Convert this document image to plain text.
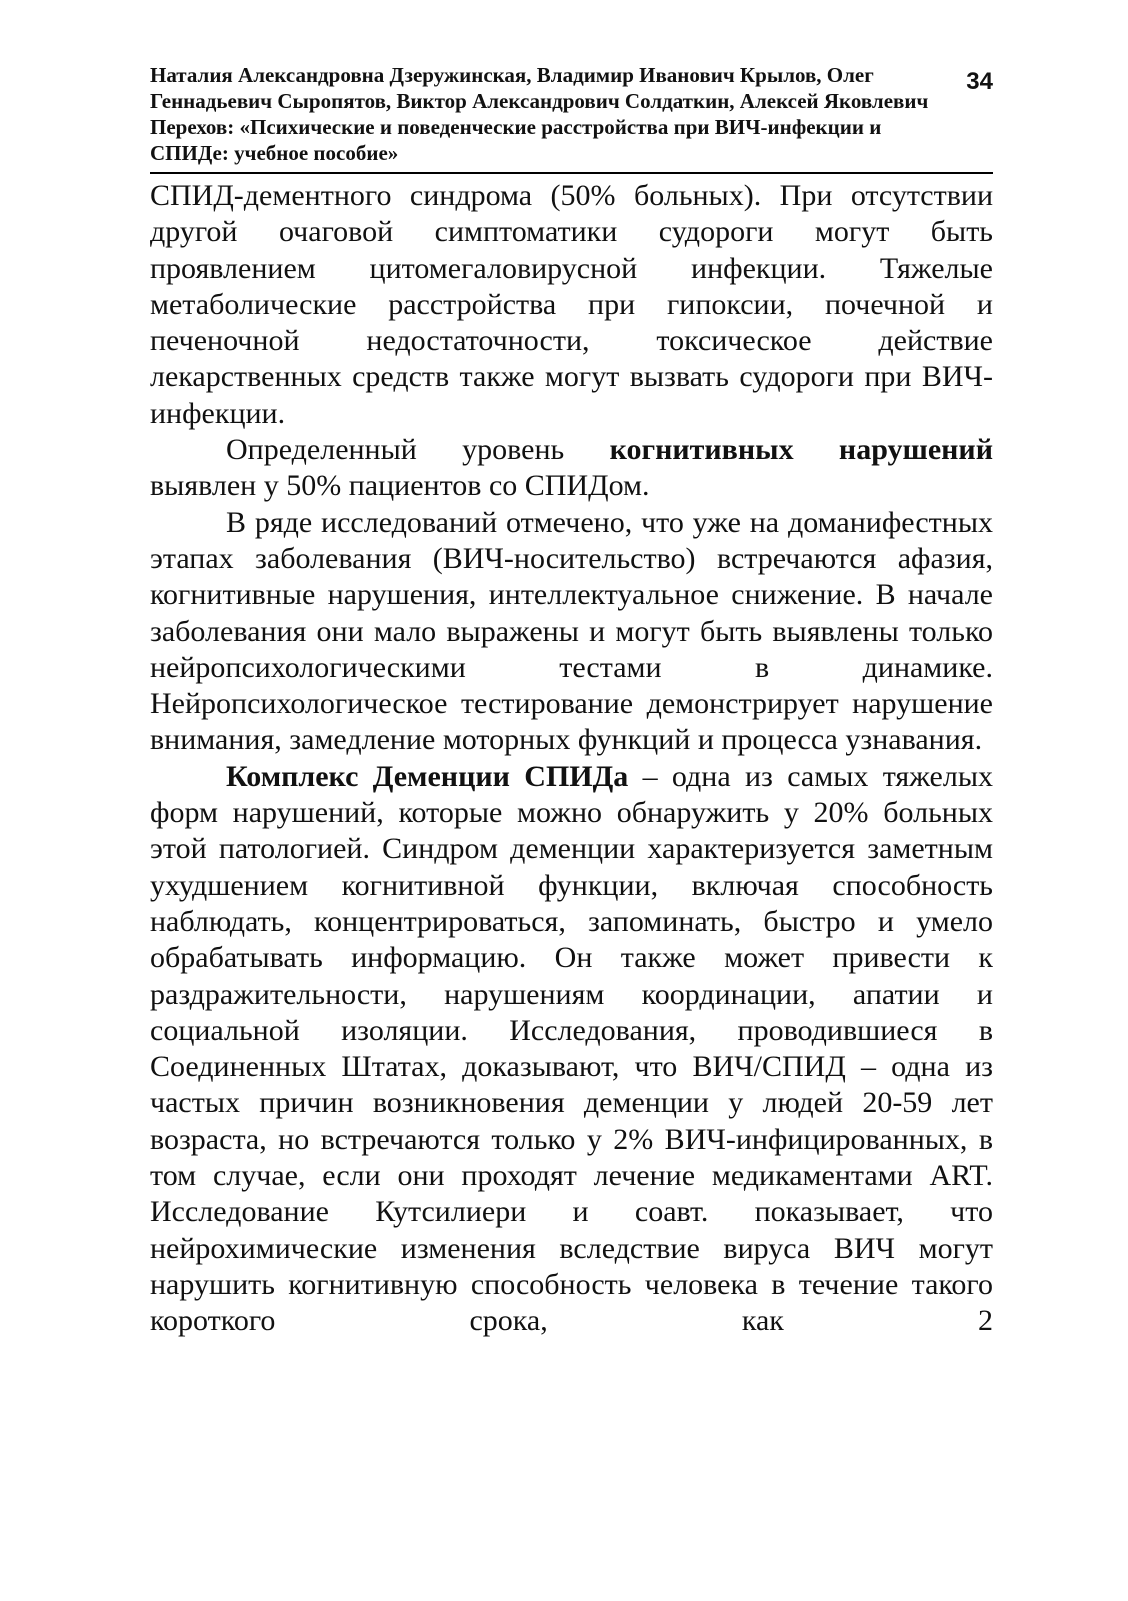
Наталия Александровна Дзеружинская, Владимир Иванович Крылов, Олег Геннадьевич Сыропятов, Виктор Александрович Солдаткин, Алексей Яковлевич Перехов: «Психические и поведенческие расстройства при ВИЧ-инфекции и СПИДе: учебное пособие»
34

СПИД-дементного синдрома (50% больных). При отсутствии другой очаговой симптоматики судороги могут быть проявлением цитомегаловирусной инфекции. Тяжелые метаболические расстройства при гипоксии, почечной и печеночной недостаточности, токсическое действие лекарственных средств также могут вызвать судороги при ВИЧ-инфекции.

Определенный уровень когнитивных нарушений выявлен у 50% пациентов со СПИДом.

В ряде исследований отмечено, что уже на доманифестных этапах заболевания (ВИЧ-носительство) встречаются афазия, когнитивные нарушения, интеллектуальное снижение. В начале заболевания они мало выражены и могут быть выявлены только нейропсихологическими тестами в динамике. Нейропсихологическое тестирование демонстрирует нарушение внимания, замедление моторных функций и процесса узнавания.

Комплекс Деменции СПИДа – одна из самых тяжелых форм нарушений, которые можно обнаружить у 20% больных этой патологией. Синдром деменции характеризуется заметным ухудшением когнитивной функции, включая способность наблюдать, концентрироваться, запоминать, быстро и умело обрабатывать информацию. Он также может привести к раздражительности, нарушениям координации, апатии и социальной изоляции. Исследования, проводившиеся в Соединенных Штатах, доказывают, что ВИЧ/СПИД – одна из частых причин возникновения деменции у людей 20-59 лет возраста, но встречаются только у 2% ВИЧ-инфицированных, в том случае, если они проходят лечение медикаментами ART. Исследование Кутсилиери и соавт. показывает, что нейрохимические изменения вследствие вируса ВИЧ могут нарушить когнитивную способность человека в течение такого короткого срока, как 2
